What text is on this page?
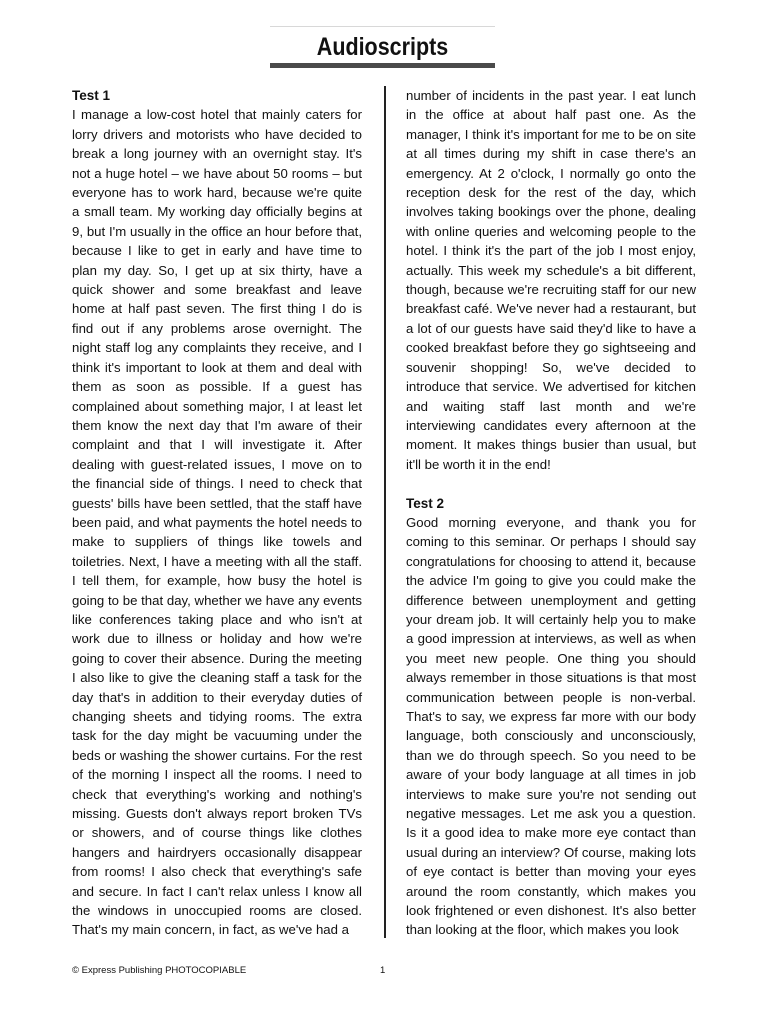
Audioscripts
Test 1

I manage a low-cost hotel that mainly caters for lorry drivers and motorists who have decided to break a long journey with an overnight stay. It's not a huge hotel – we have about 50 rooms – but everyone has to work hard, because we're quite a small team. My working day officially begins at 9, but I'm usually in the office an hour before that, because I like to get in early and have time to plan my day. So, I get up at six thirty, have a quick shower and some breakfast and leave home at half past seven. The first thing I do is find out if any problems arose overnight. The night staff log any complaints they receive, and I think it's important to look at them and deal with them as soon as possible. If a guest has complained about something major, I at least let them know the next day that I'm aware of their complaint and that I will investigate it. After dealing with guest-related issues, I move on to the financial side of things. I need to check that guests' bills have been settled, that the staff have been paid, and what payments the hotel needs to make to suppliers of things like towels and toiletries. Next, I have a meeting with all the staff. I tell them, for example, how busy the hotel is going to be that day, whether we have any events like conferences taking place and who isn't at work due to illness or holiday and how we're going to cover their absence. During the meeting I also like to give the cleaning staff a task for the day that's in addition to their everyday duties of changing sheets and tidying rooms. The extra task for the day might be vacuuming under the beds or washing the shower curtains. For the rest of the morning I inspect all the rooms. I need to check that everything's working and nothing's missing. Guests don't always report broken TVs or showers, and of course things like clothes hangers and hairdryers occasionally disappear from rooms! I also check that everything's safe and secure. In fact I can't relax unless I know all the windows in unoccupied rooms are closed. That's my main concern, in fact, as we've had a

number of incidents in the past year. I eat lunch in the office at about half past one. As the manager, I think it's important for me to be on site at all times during my shift in case there's an emergency. At 2 o'clock, I normally go onto the reception desk for the rest of the day, which involves taking bookings over the phone, dealing with online queries and welcoming people to the hotel. I think it's the part of the job I most enjoy, actually. This week my schedule's a bit different, though, because we're recruiting staff for our new breakfast café. We've never had a restaurant, but a lot of our guests have said they'd like to have a cooked breakfast before they go sightseeing and souvenir shopping! So, we've decided to introduce that service. We advertised for kitchen and waiting staff last month and we're interviewing candidates every afternoon at the moment. It makes things busier than usual, but it'll be worth it in the end!

Test 2

Good morning everyone, and thank you for coming to this seminar. Or perhaps I should say congratulations for choosing to attend it, because the advice I'm going to give you could make the difference between unemployment and getting your dream job. It will certainly help you to make a good impression at interviews, as well as when you meet new people. One thing you should always remember in those situations is that most communication between people is non-verbal. That's to say, we express far more with our body language, both consciously and unconsciously, than we do through speech. So you need to be aware of your body language at all times in job interviews to make sure you're not sending out negative messages. Let me ask you a question. Is it a good idea to make more eye contact than usual during an interview? Of course, making lots of eye contact is better than moving your eyes around the room constantly, which makes you look frightened or even dishonest. It's also better than looking at the floor, which makes you look

© Express Publishing PHOTOCOPIABLE	1
